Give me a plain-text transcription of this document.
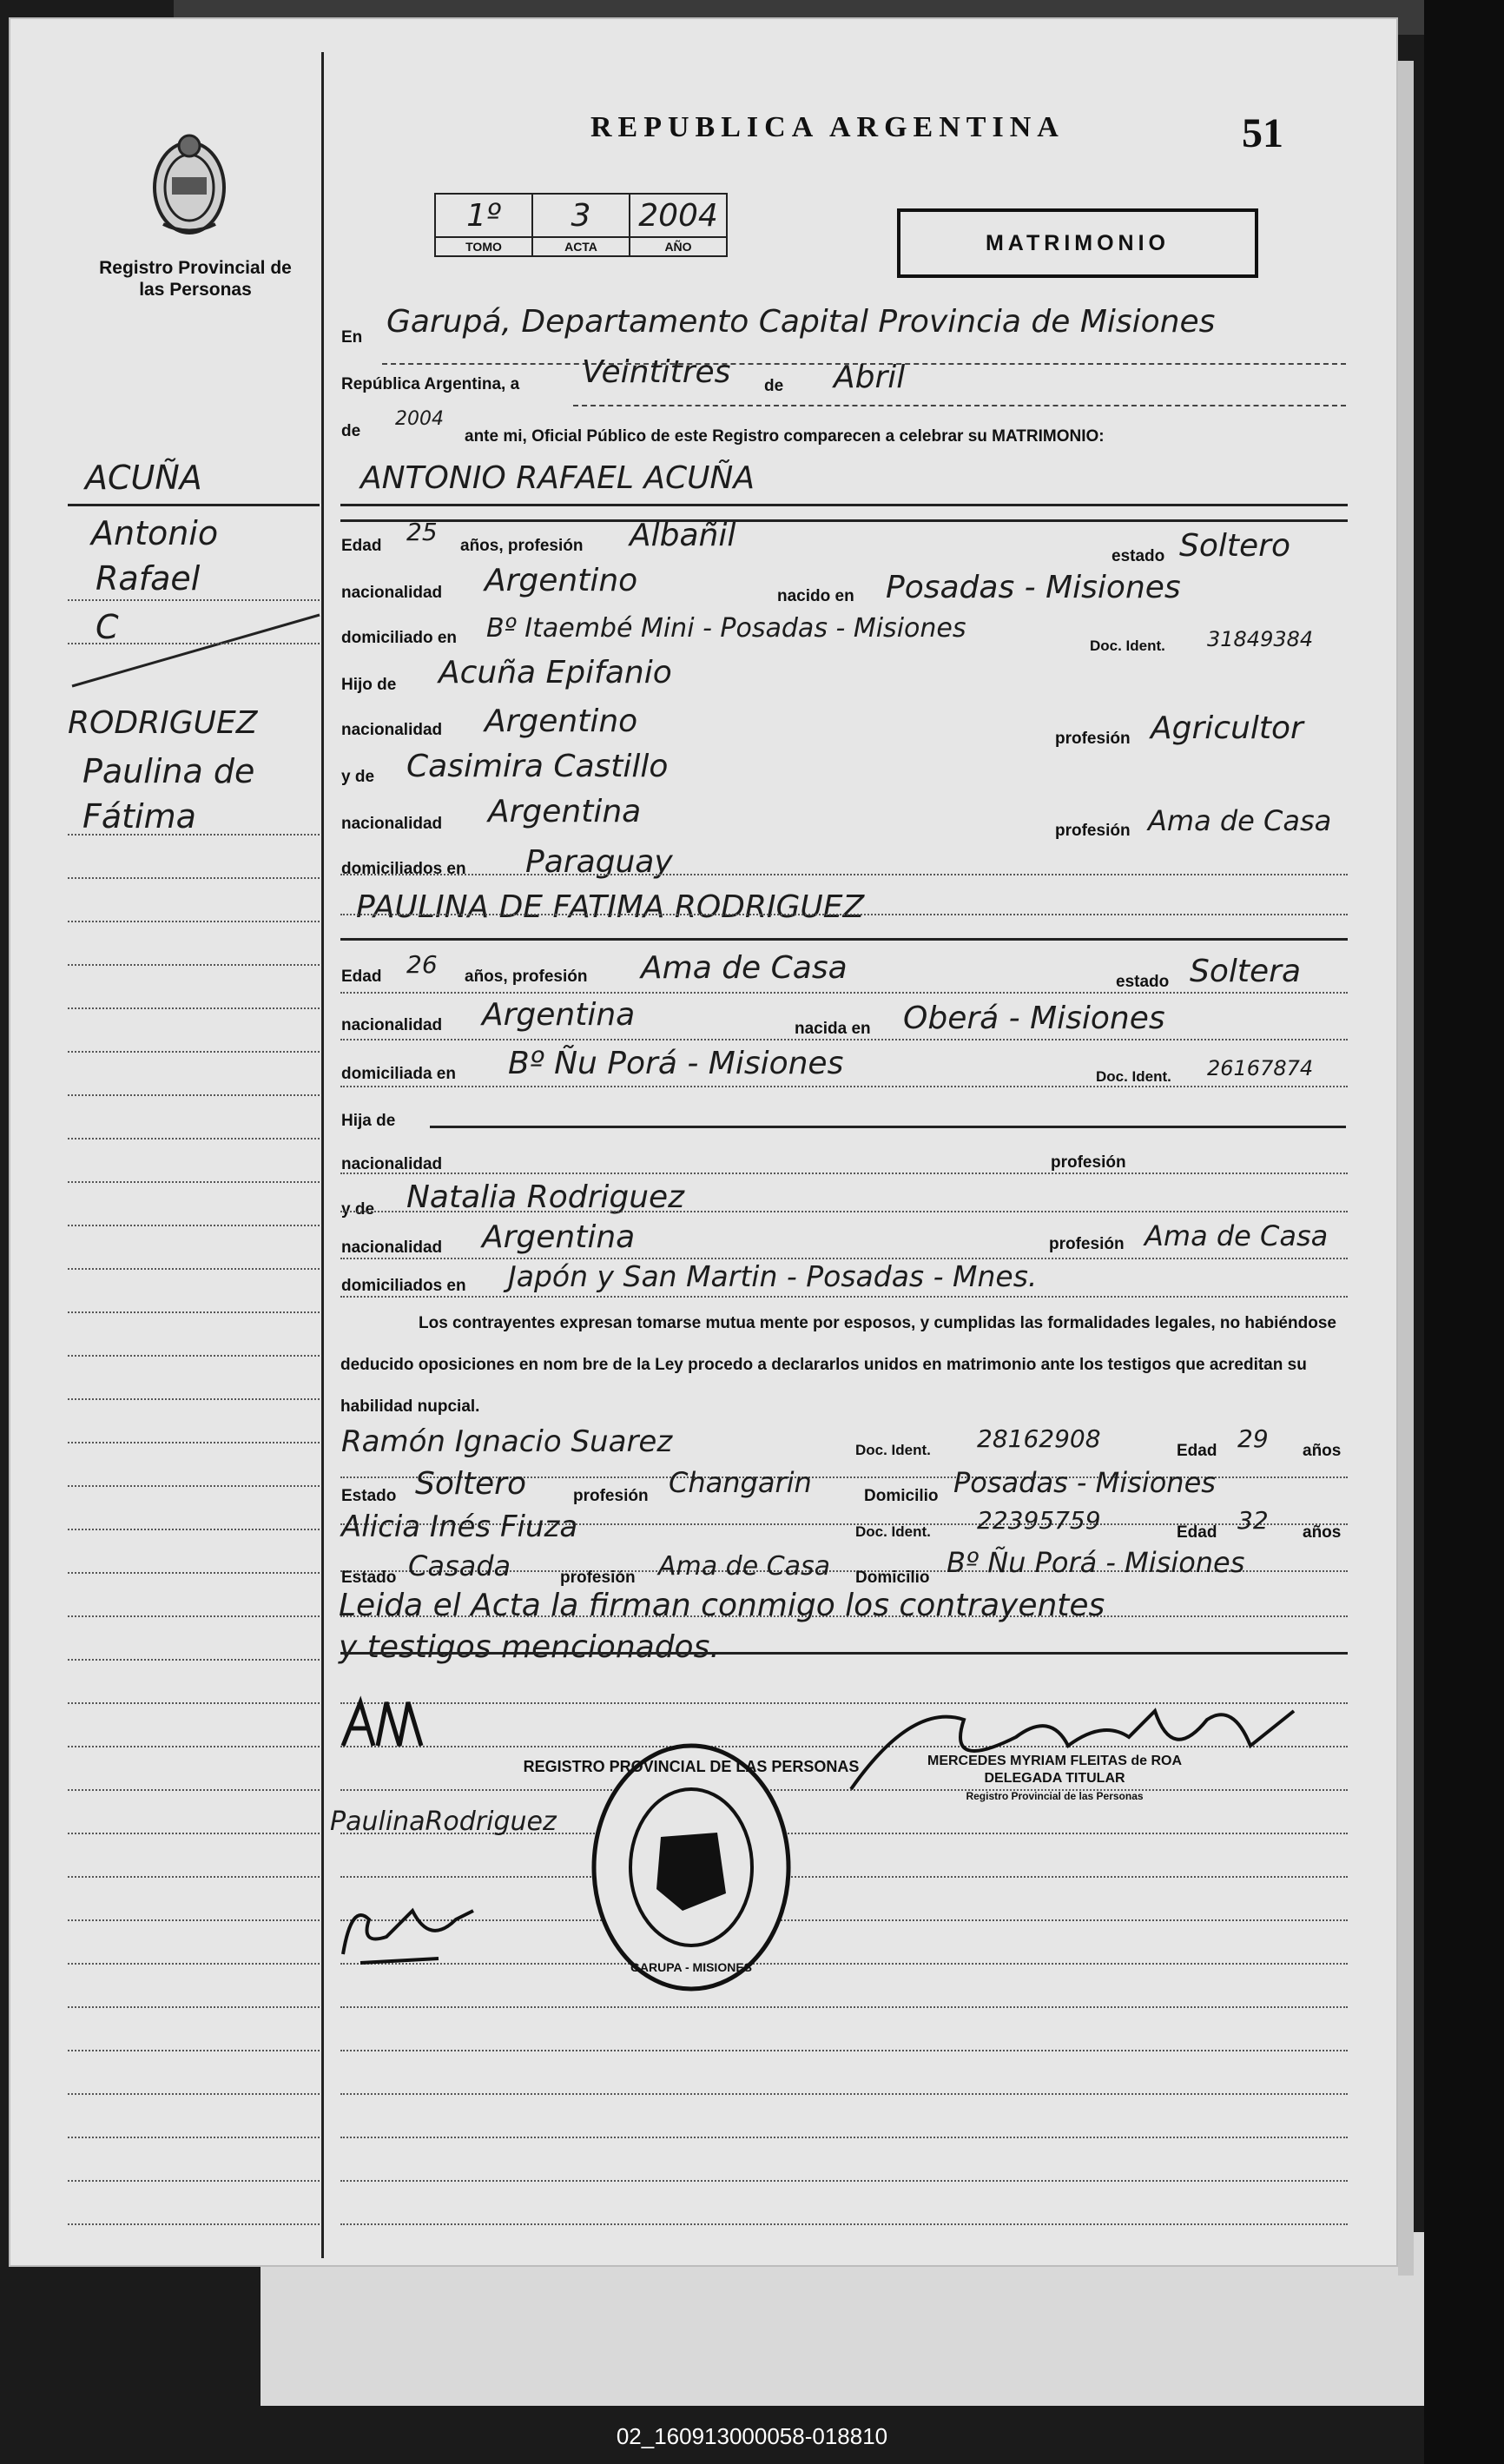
Registro Provincial de las Personas
REPUBLICA ARGENTINA	51
1º	3	2004
TOMO	ACTA	AÑO	MATRIMONIO
ACUÑA
Antonio
Rafael
C
RODRIGUEZ
Paulina de
Fátima
En Garupá, Departamento Capital Provincia de Misiones
República Argentina, a Veintitres de Abril
de
2004
ante mi, Oficial Público de este Registro comparecen a celebrar su MATRIMONIO:
ANTONIO RAFAEL ACUÑA
Edad 25 años, profesión Albañil
estado Soltero
nacionalidad Argentino	nacido en Posadas - Misiones
domiciliado en Bº Itaembé Mini - Posadas - Misiones
Doc. Ident. 31849384
Hijo de Acuña Epifanio
nacionalidad Argentino	profesión Agricultor
y de Casimira Castillo
nacionalidad Argentina
profesión Ama de Casa
domiciliados en Paraguay
PAULINA DE FATIMA RODRIGUEZ
Edad 26 años, profesión Ama de Casa	estado Soltera
nacionalidad Argentina	nacida en Oberá - Misiones
domiciliada en Bº Ñu Porá - Misiones	Doc. Ident. 26167874
Hija de
nacionalidad	profesión
y de Natalia Rodriguez
nacionalidad Argentina	profesión Ama de Casa
domiciliados en Japón y San Martin - Posadas - Mnes.
Los contrayentes expresan tomarse mutua mente por esposos, y cumplidas las formalidades legales, no habiéndose deducido oposiciones en nom bre de la Ley procedo a declararlos unidos en matrimonio ante los testigos que acreditan su habilidad nupcial.
Ramón Ignacio Suarez	Doc. Ident. 28162908	Edad 29 años
Estado Soltero	profesión Changarin	Domicilio Posadas - Misiones
Alicia Inés Fiuza	Doc. Ident. 22395759	Edad 32 años
Estado Casada	profesión Ama de Casa Domicilio Bº Ñu Porá - Misiones
Leida el Acta la firman conmigo los contrayentes
y testigos mencionados.
PaulinaRodriguez
MERCEDES MYRIAM FLEITAS de ROA
DELEGADA TITULAR
Registro Provincial de las Personas
REGISTRO PROVINCIAL DE LAS PERSONAS
GARUPA - MISIONES
02_160913000058-018810
